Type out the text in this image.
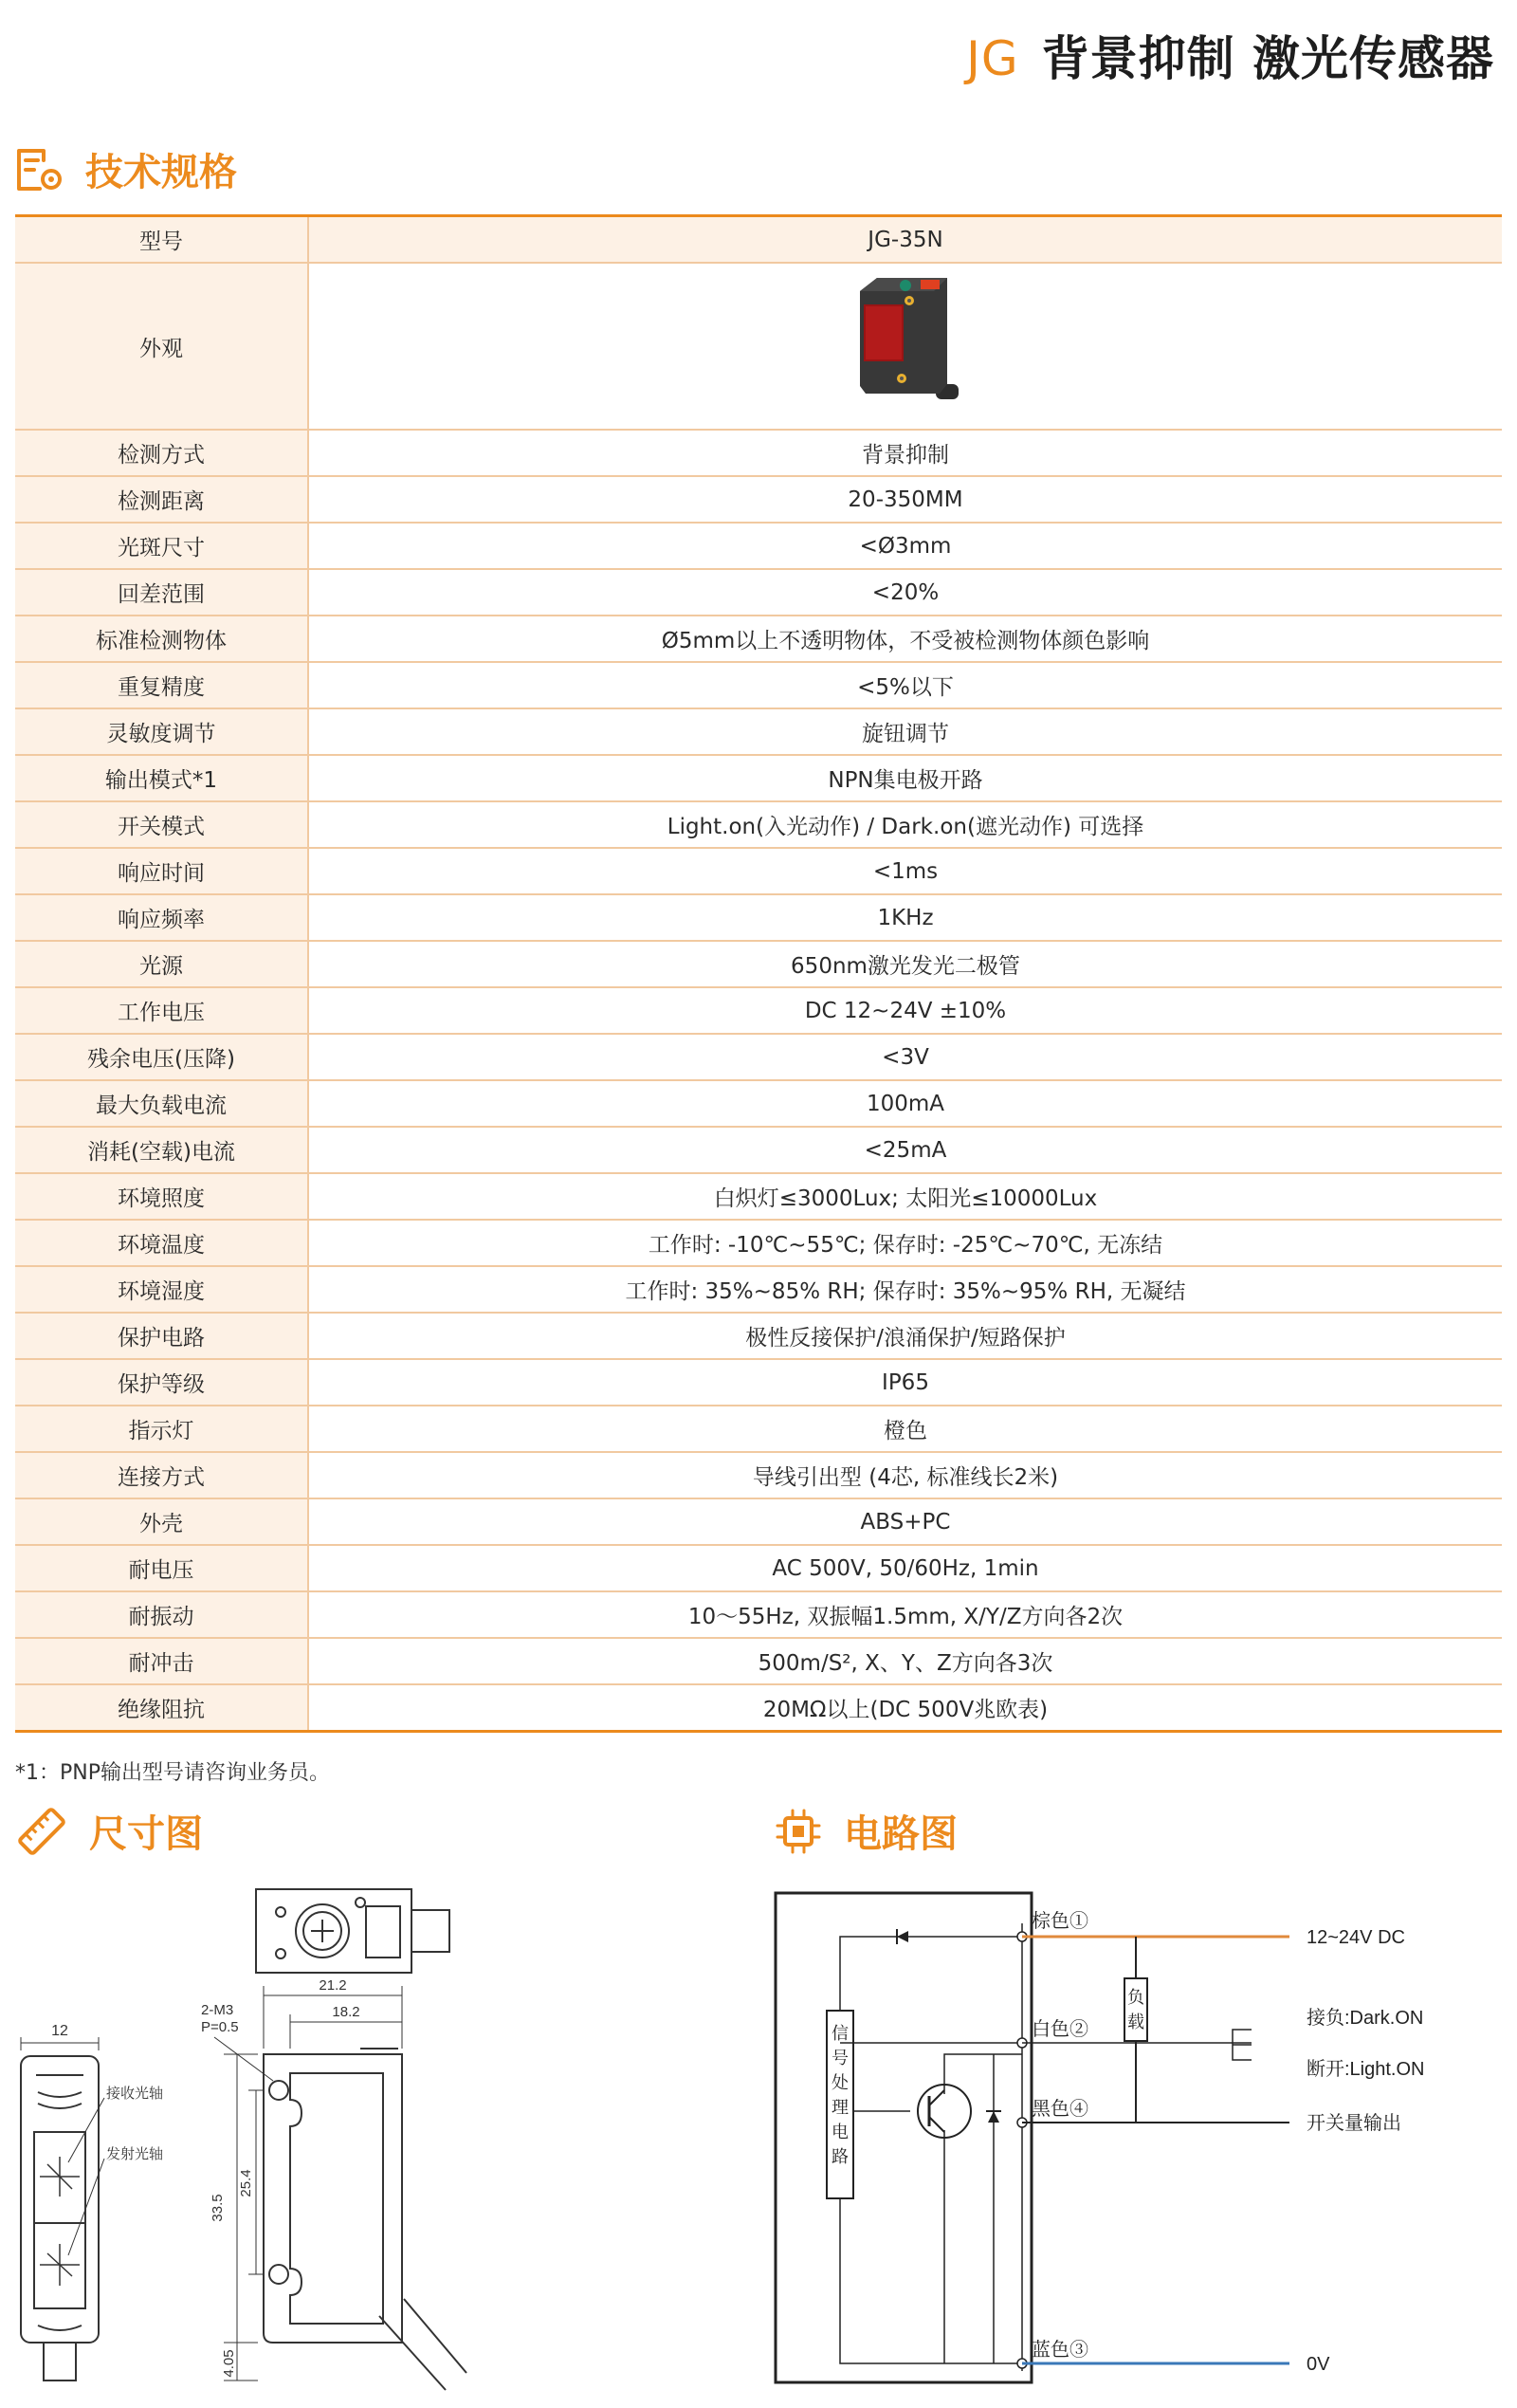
JG 背景抑制 激光传感器
技术规格
型号	JG-35N
外观	
检测方式	背景抑制
检测距离	20-350MM
光斑尺寸	<Ø3mm
回差范围	<20%
标准检测物体	Ø5mm以上不透明物体，不受被检测物体颜色影响
重复精度	<5%以下
灵敏度调节	旋钮调节
输出模式*1	NPN集电极开路
开关模式	Light.on(入光动作) / Dark.on(遮光动作) 可选择
响应时间	<1ms
响应频率	1KHz
光源	650nm激光发光二极管
工作电压	DC 12~24V ±10%
残余电压(压降)	<3V
最大负载电流	100mA
消耗(空载)电流	<25mA
环境照度	白炽灯≤3000Lux; 太阳光≤10000Lux
环境温度	工作时: -10℃~55℃; 保存时: -25℃~70℃, 无冻结
环境湿度	工作时: 35%~85% RH; 保存时: 35%~95% RH, 无凝结
保护电路	极性反接保护/浪涌保护/短路保护
保护等级	IP65
指示灯	橙色
连接方式	导线引出型 (4芯, 标准线长2米)
外壳	ABS+PC
耐电压	AC 500V, 50/60Hz, 1min
耐振动	10～55Hz, 双振幅1.5mm, X/Y/Z方向各2次
耐冲击	500m/S², X、Y、Z方向各3次
绝缘阻抗	20MΩ以上(DC 500V兆欧表)
*1：PNP输出型号请咨询业务员。
尺寸图
12
接收光轴
发射光轴
21.2
18.2
2-M3
P=0.5
33.5
25.4
4.05
电路图
信号处理电路
负载
棕色①
白色②
黑色④
蓝色③
12~24V DC
接负:Dark.ON
断开:Light.ON
开关量输出
0V
